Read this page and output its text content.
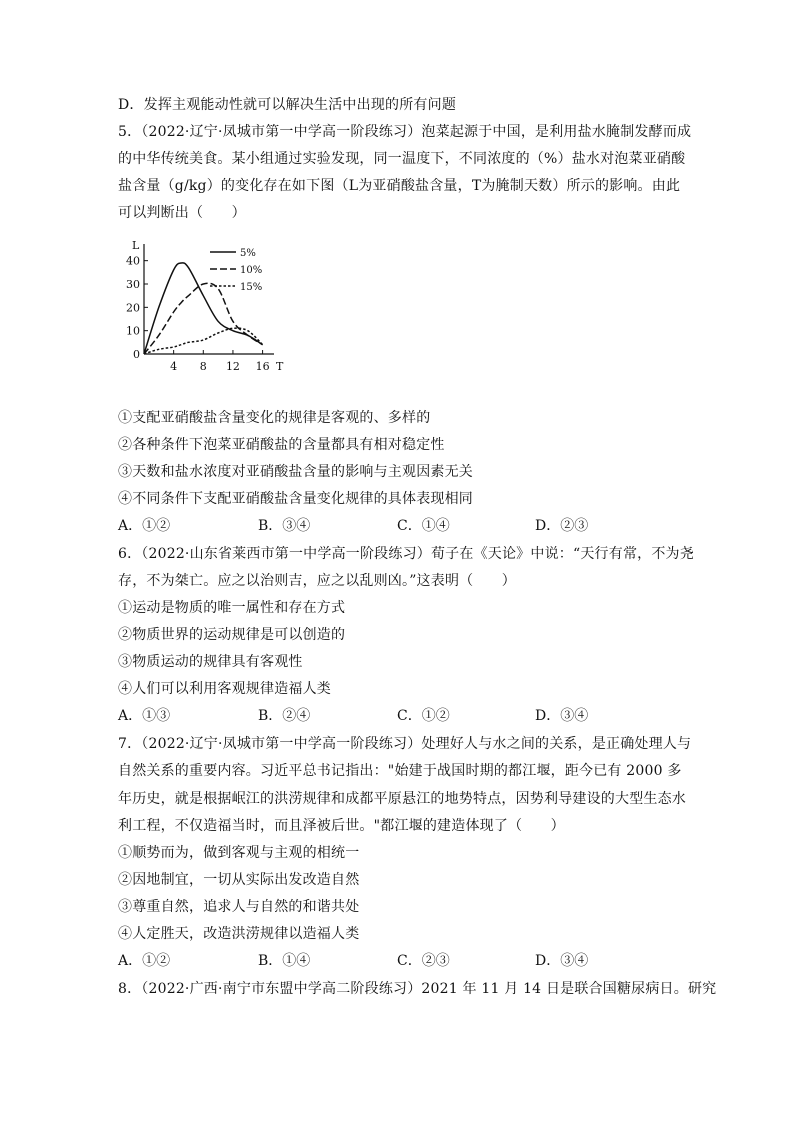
D．发挥主观能动性就可以解决生活中出现的所有问题
5．（2022·辽宁·凤城市第一中学高一阶段练习）泡菜起源于中国，是利用盐水腌制发酵而成
的中华传统美食。某小组通过实验发现，同一温度下，不同浓度的（%）盐水对泡菜亚硝酸
盐含量（g/kg）的变化存在如下图（L为亚硝酸盐含量，T为腌制天数）所示的影响。由此
可以判断出（　　）
L
T
0
10
20
30
40
4 8 12 16
5%
10%
15%
①支配亚硝酸盐含量变化的规律是客观的、多样的
②各种条件下泡菜亚硝酸盐的含量都具有相对稳定性
③天数和盐水浓度对亚硝酸盐含量的影响与主观因素无关
④不同条件下支配亚硝酸盐含量变化规律的具体表现相同
A．①②	B．③④	C．①④	D．②③
6．（2022·山东省莱西市第一中学高一阶段练习）荀子在《天论》中说：“天行有常，不为尧
存，不为桀亡。应之以治则吉，应之以乱则凶。”这表明（　　）
①运动是物质的唯一属性和存在方式
②物质世界的运动规律是可以创造的
③物质运动的规律具有客观性
④人们可以利用客观规律造福人类
A．①③	B．②④	C．①②	D．③④
7．（2022·辽宁·凤城市第一中学高一阶段练习）处理好人与水之间的关系，是正确处理人与
自然关系的重要内容。习近平总书记指出："始建于战国时期的都江堰，距今已有 2000 多
年历史，就是根据岷江的洪涝规律和成都平原悬江的地势特点，因势利导建设的大型生态水
利工程，不仅造福当时，而且泽被后世。"都江堰的建造体现了（　　）
①顺势而为，做到客观与主观的相统一
②因地制宜，一切从实际出发改造自然
③尊重自然，追求人与自然的和谐共处
④人定胜天，改造洪涝规律以造福人类
A．①②	B．①④	C．②③	D．③④
8．（2022·广西·南宁市东盟中学高二阶段练习）2021 年 11 月 14 日是联合国糖尿病日。研究
